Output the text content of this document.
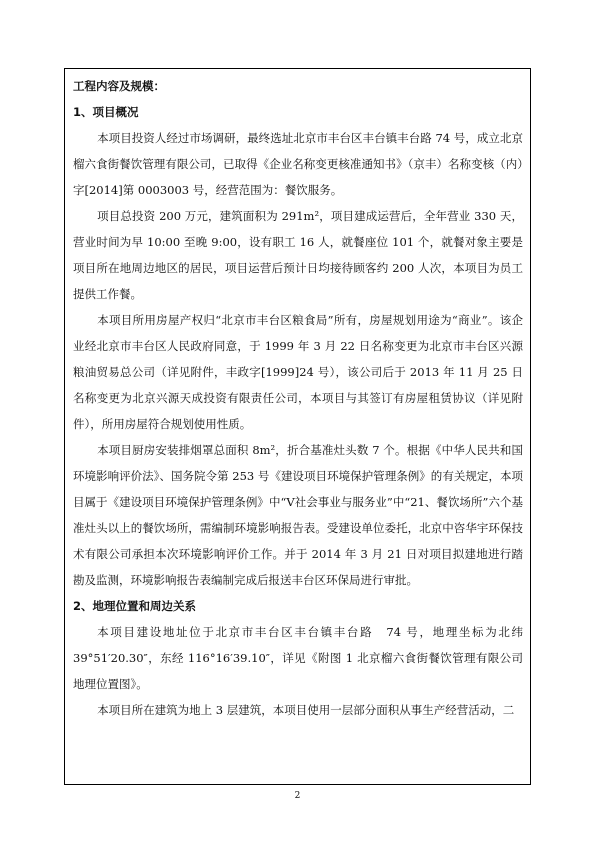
工程内容及规模：

1、项目概况

本项目投资人经过市场调研，最终选址北京市丰台区丰台镇丰台路 74 号，成立北京榴六食街餐饮管理有限公司，已取得《企业名称变更核准通知书》（京丰）名称变核（内）字[2014]第 0003003 号，经营范围为：餐饮服务。

项目总投资 200 万元，建筑面积为 291m²，项目建成运营后，全年营业 330 天，营业时间为早 10:00 至晚 9:00，设有职工 16 人，就餐座位 101 个，就餐对象主要是项目所在地周边地区的居民，项目运营后预计日均接待顾客约 200 人次，本项目为员工提供工作餐。

本项目所用房屋产权归“北京市丰台区粮食局”所有，房屋规划用途为“商业”。该企业经北京市丰台区人民政府同意，于 1999 年 3 月 22 日名称变更为北京市丰台区兴源粮油贸易总公司（详见附件，丰政字[1999]24 号），该公司后于 2013 年 11 月 25 日名称变更为北京兴源天成投资有限责任公司，本项目与其签订有房屋租赁协议（详见附件），所用房屋符合规划使用性质。

本项目厨房安装排烟罩总面积 8m²，折合基准灶头数 7 个。根据《中华人民共和国环境影响评价法》、国务院令第 253 号《建设项目环境保护管理条例》的有关规定，本项目属于《建设项目环境保护管理条例》中“Ⅴ社会事业与服务业”中“21、餐饮场所”六个基准灶头以上的餐饮场所，需编制环境影响报告表。受建设单位委托，北京中咨华宇环保技术有限公司承担本次环境影响评价工作。并于 2014 年 3 月 21 日对项目拟建地进行踏勘及监测，环境影响报告表编制完成后报送丰台区环保局进行审批。

2、地理位置和周边关系

本项目建设地址位于北京市丰台区丰台镇丰台路　74 号，地理坐标为北纬 39°51′20.30″，东经 116°16′39.10″，详见《附图 1 北京榴六食街餐饮管理有限公司地理位置图》。

本项目所在建筑为地上 3 层建筑，本项目使用一层部分面积从事生产经营活动，二

2
